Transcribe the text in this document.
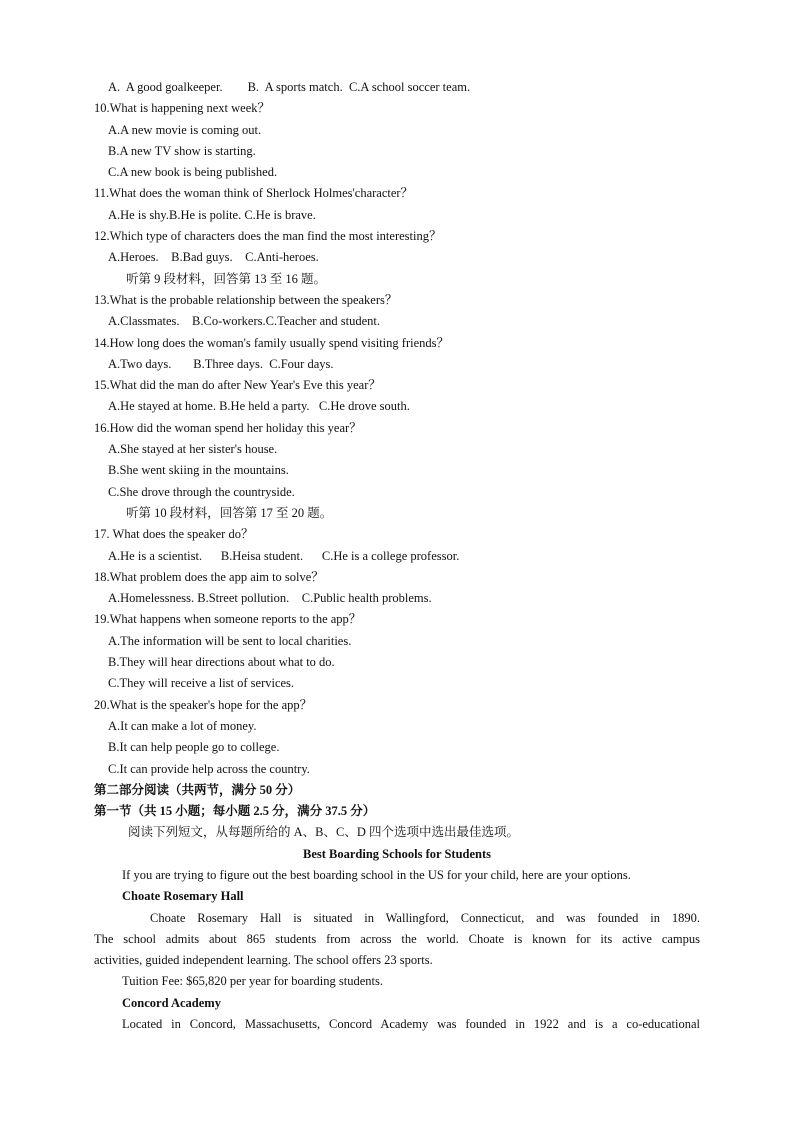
A.  A good goalkeeper.        B.  A sports match.  C.A school soccer team.
10.What is happening next week？
A.A new movie is coming out.
B.A new TV show is starting.
C.A new book is being published.
11.What does the woman think of Sherlock Holmes'character？
A.He is shy.B.He is polite. C.He is brave.
12.Which type of characters does the man find the most interesting？
A.Heroes.    B.Bad guys.    C.Anti-heroes.
听第 9 段材料，回答第 13 至 16 题。
13.What is the probable relationship between the speakers？
A.Classmates.    B.Co-workers.C.Teacher and student.
14.How long does the woman's family usually spend visiting friends？
A.Two days.       B.Three days.  C.Four days.
15.What did the man do after New Year's Eve this year？
A.He stayed at home. B.He held a party.   C.He drove south.
16.How did the woman spend her holiday this year？
A.She stayed at her sister's house.
B.She went skiing in the mountains.
C.She drove through the countryside.
听第 10 段材料，回答第 17 至 20 题。
17. What does the speaker do？
A.He is a scientist.      B.Heisa student.      C.He is a college professor.
18.What problem does the app aim to solve？
A.Homelessness. B.Street pollution.    C.Public health problems.
19.What happens when someone reports to the app？
A.The information will be sent to local charities.
B.They will hear directions about what to do.
C.They will receive a list of services.
20.What is the speaker's hope for the app？
A.It can make a lot of money.
B.It can help people go to college.
C.It can provide help across the country.
第二部分阅读（共两节，满分 50 分）
第一节（共 15 小题；每小题 2.5 分，满分 37.5 分）
阅读下列短文，从每题所给的 A、B、C、D 四个选项中选出最佳选项。
Best Boarding Schools for Students
If you are trying to figure out the best boarding school in the US for your child, here are your options.
Choate Rosemary Hall
Choate Rosemary Hall is situated in Wallingford, Connecticut, and was founded in 1890.
The school admits about 865 students from across the world. Choate is known for its active campus
activities, guided independent learning. The school offers 23 sports.
Tuition Fee: $65,820 per year for boarding students.
Concord Academy
Located in Concord, Massachusetts, Concord Academy was founded in 1922 and is a co-educational
